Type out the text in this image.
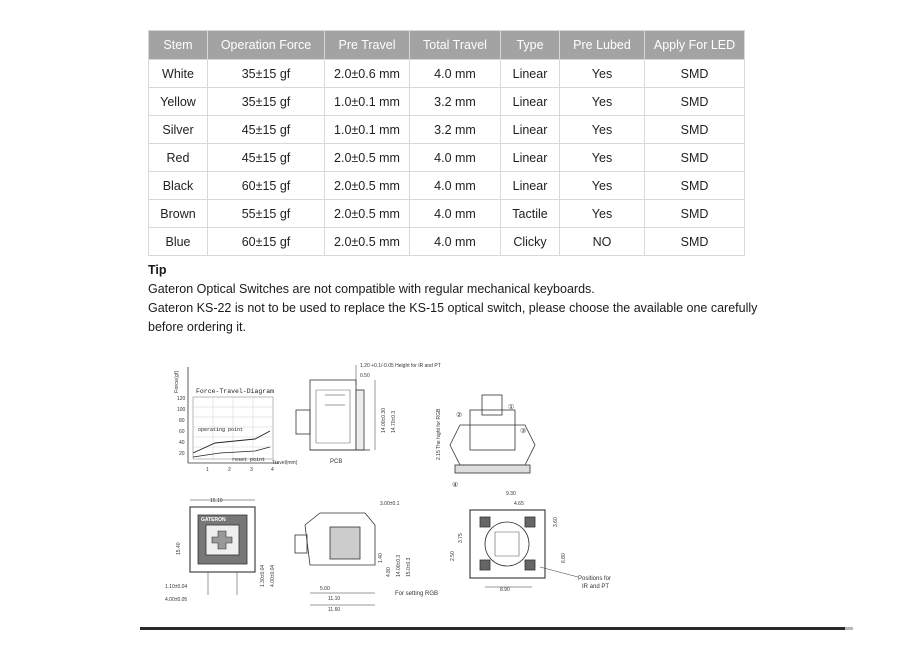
Stem	Operation Force	Pre Travel	Total Travel	Type	Pre Lubed	Apply For LED
White	35±15 gf	2.0±0.6 mm	4.0 mm	Linear	Yes	SMD
Yellow	35±15 gf	1.0±0.1 mm	3.2 mm	Linear	Yes	SMD
Silver	45±15 gf	1.0±0.1 mm	3.2 mm	Linear	Yes	SMD
Red	45±15 gf	2.0±0.5 mm	4.0 mm	Linear	Yes	SMD
Black	60±15 gf	2.0±0.5 mm	4.0 mm	Linear	Yes	SMD
Brown	55±15 gf	2.0±0.5 mm	4.0 mm	Tactile	Yes	SMD
Blue	60±15 gf	2.0±0.5 mm	4.0 mm	Clicky	NO	SMD
Tip
Gateron Optical Switches are not compatible with regular mechanical keyboards.
Gateron KS-22 is not to be used to replace the KS-15 optical switch, please choose the available one carefully
before ordering it.
Force(gf) Force-Travel-Diagram
120
100
80
60
40
20
1	2	3	4
Travel(mm)
operating point
reset point
1.20 +0.1/-0.05 Height for IR and PT
0.50
PCB
14.00±0.30 14.70±0.3	2.15 The hight for RGB ②
①
③
④
15.10
GATERON
15.40
1.10±0.04
4.00±0.05
1.30±0.04 4.00±0.04
3.00±0.1
14.00±0.3 15.0±0.3
4.80
1.40
5.00
11.10
11.60
For setting RGB
9.30
4.65
3.75
3.60
2.50	6.80
8.90
Positions for
IR and PT
